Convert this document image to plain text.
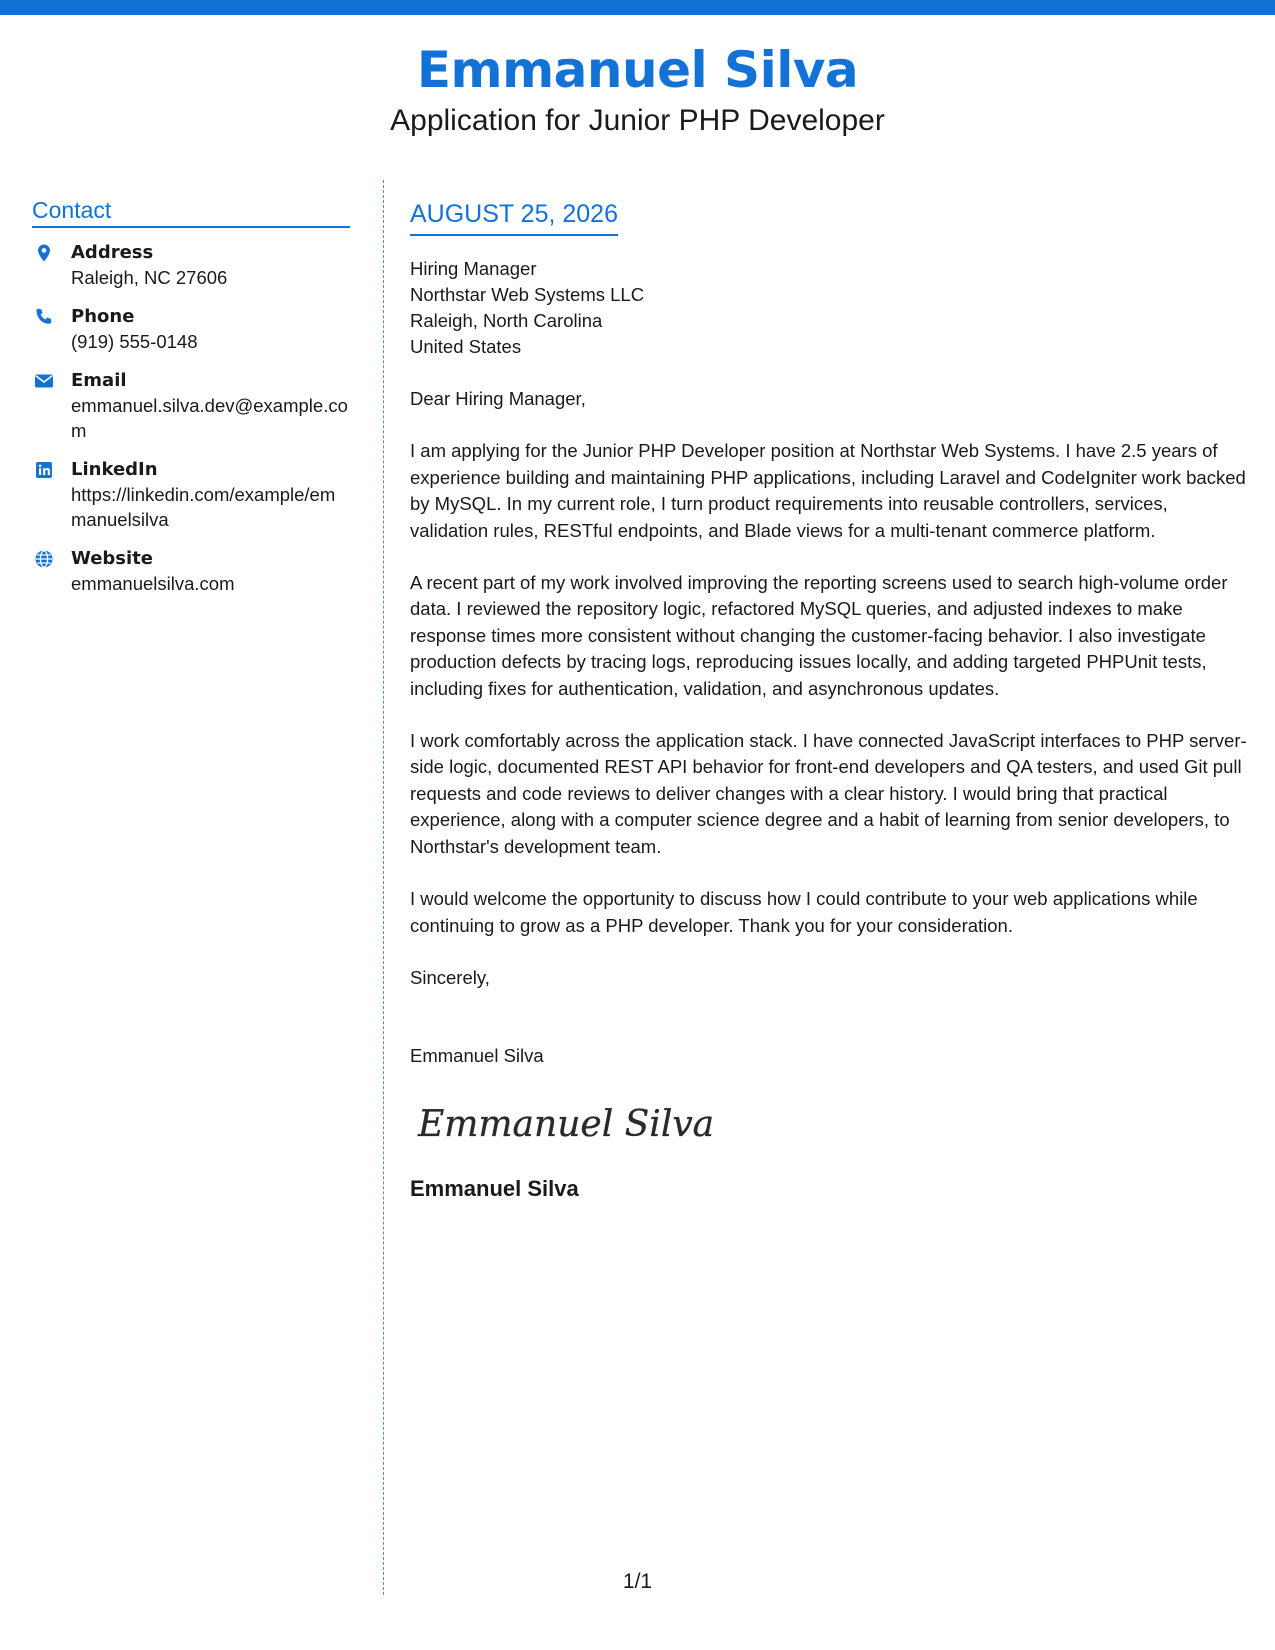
Emmanuel Silva
Application for Junior PHP Developer
Contact
Address
Raleigh, NC 27606
Phone
(919) 555-0148
Email
emmanuel.silva.dev@example.com
LinkedIn
https://linkedin.com/example/emmanuelsilva
Website
emmanuelsilva.com
AUGUST 25, 2026
Hiring Manager
Northstar Web Systems LLC
Raleigh, North Carolina
United States
Dear Hiring Manager,
I am applying for the Junior PHP Developer position at Northstar Web Systems. I have 2.5 years of experience building and maintaining PHP applications, including Laravel and CodeIgniter work backed by MySQL. In my current role, I turn product requirements into reusable controllers, services, validation rules, RESTful endpoints, and Blade views for a multi-tenant commerce platform.
A recent part of my work involved improving the reporting screens used to search high-volume order data. I reviewed the repository logic, refactored MySQL queries, and adjusted indexes to make response times more consistent without changing the customer-facing behavior. I also investigate production defects by tracing logs, reproducing issues locally, and adding targeted PHPUnit tests, including fixes for authentication, validation, and asynchronous updates.
I work comfortably across the application stack. I have connected JavaScript interfaces to PHP server-side logic, documented REST API behavior for front-end developers and QA testers, and used Git pull requests and code reviews to deliver changes with a clear history. I would bring that practical experience, along with a computer science degree and a habit of learning from senior developers, to Northstar's development team.
I would welcome the opportunity to discuss how I could contribute to your web applications while continuing to grow as a PHP developer. Thank you for your consideration.
Sincerely,
Emmanuel Silva
Emmanuel Silva
Emmanuel Silva
1/1
